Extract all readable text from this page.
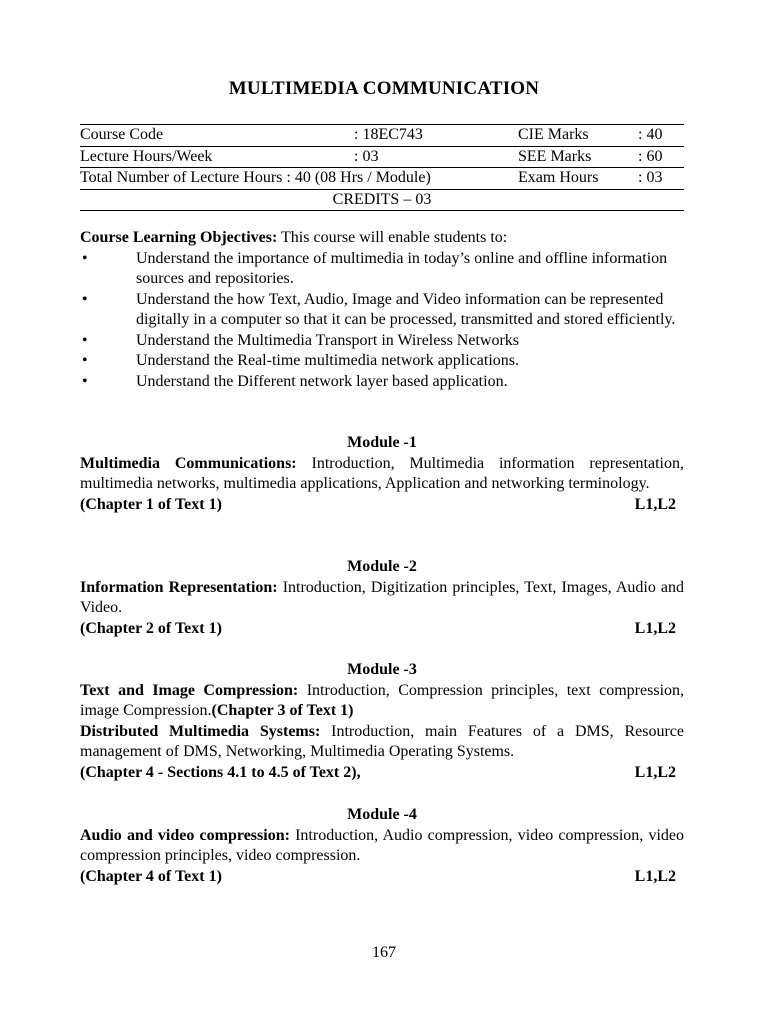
MULTIMEDIA COMMUNICATION
Course Code	: 18EC743	CIE Marks	: 40
Lecture Hours/Week	: 03	SEE Marks	: 60
Total Number of Lecture Hours : 40 (08 Hrs / Module)		Exam Hours	: 03
CREDITS – 03			
Course Learning Objectives: This course will enable students to:
•	Understand the importance of multimedia in today’s online and offline information sources and repositories.
•	Understand the how Text, Audio, Image and Video information can be represented digitally in a computer so that it can be processed, transmitted and stored efficiently.
•	Understand the Multimedia Transport in Wireless Networks
•	Understand the Real-time multimedia network applications.
•	Understand the Different network layer based application.
Module -1
Multimedia Communications: Introduction, Multimedia information representation, multimedia networks, multimedia applications, Application and networking terminology.
(Chapter 1 of Text 1)	L1,L2
Module -2
Information Representation: Introduction, Digitization principles, Text, Images, Audio and Video.
(Chapter 2 of Text 1)	L1,L2
Module -3
Text and Image Compression: Introduction, Compression principles, text compression, image Compression.(Chapter 3 of Text 1)
Distributed Multimedia Systems: Introduction, main Features of a DMS, Resource management of DMS, Networking, Multimedia Operating Systems.
(Chapter 4 - Sections 4.1 to 4.5 of Text 2),	L1,L2
Module -4
Audio and video compression: Introduction, Audio compression, video compression, video compression principles, video compression.
(Chapter 4 of Text 1)	L1,L2
167
